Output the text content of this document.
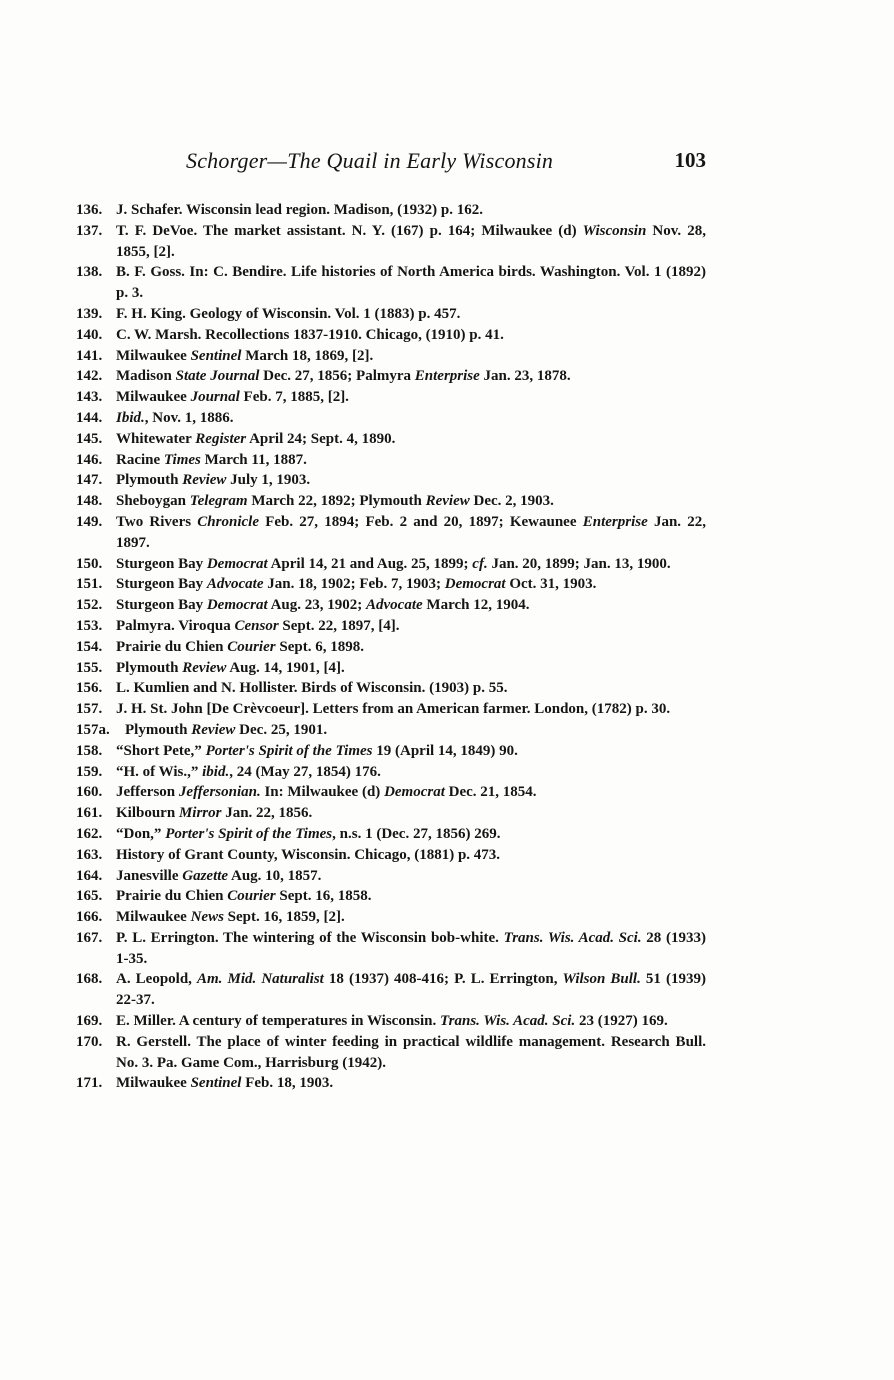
Schorger—The Quail in Early Wisconsin	103
136. J. Schafer. Wisconsin lead region. Madison, (1932) p. 162.
137. T. F. DeVoe. The market assistant. N. Y. (167) p. 164; Milwaukee (d) Wisconsin Nov. 28, 1855, [2].
138. B. F. Goss. In: C. Bendire. Life histories of North America birds. Washington. Vol. 1 (1892) p. 3.
139. F. H. King. Geology of Wisconsin. Vol. 1 (1883) p. 457.
140. C. W. Marsh. Recollections 1837-1910. Chicago, (1910) p. 41.
141. Milwaukee Sentinel March 18, 1869, [2].
142. Madison State Journal Dec. 27, 1856; Palmyra Enterprise Jan. 23, 1878.
143. Milwaukee Journal Feb. 7, 1885, [2].
144. Ibid., Nov. 1, 1886.
145. Whitewater Register April 24; Sept. 4, 1890.
146. Racine Times March 11, 1887.
147. Plymouth Review July 1, 1903.
148. Sheboygan Telegram March 22, 1892; Plymouth Review Dec. 2, 1903.
149. Two Rivers Chronicle Feb. 27, 1894; Feb. 2 and 20, 1897; Kewaunee Enterprise Jan. 22, 1897.
150. Sturgeon Bay Democrat April 14, 21 and Aug. 25, 1899; cf. Jan. 20, 1899; Jan. 13, 1900.
151. Sturgeon Bay Advocate Jan. 18, 1902; Feb. 7, 1903; Democrat Oct. 31, 1903.
152. Sturgeon Bay Democrat Aug. 23, 1902; Advocate March 12, 1904.
153. Palmyra. Viroqua Censor Sept. 22, 1897, [4].
154. Prairie du Chien Courier Sept. 6, 1898.
155. Plymouth Review Aug. 14, 1901, [4].
156. L. Kumlien and N. Hollister. Birds of Wisconsin. (1903) p. 55.
157. J. H. St. John [De Crèvcoeur]. Letters from an American farmer. London, (1782) p. 30.
157a. Plymouth Review Dec. 25, 1901.
158. “Short Pete,” Porter's Spirit of the Times 19 (April 14, 1849) 90.
159. “H. of Wis.,” ibid., 24 (May 27, 1854) 176.
160. Jefferson Jeffersonian. In: Milwaukee (d) Democrat Dec. 21, 1854.
161. Kilbourn Mirror Jan. 22, 1856.
162. “Don,” Porter's Spirit of the Times, n.s. 1 (Dec. 27, 1856) 269.
163. History of Grant County, Wisconsin. Chicago, (1881) p. 473.
164. Janesville Gazette Aug. 10, 1857.
165. Prairie du Chien Courier Sept. 16, 1858.
166. Milwaukee News Sept. 16, 1859, [2].
167. P. L. Errington. The wintering of the Wisconsin bob-white. Trans. Wis. Acad. Sci. 28 (1933) 1-35.
168. A. Leopold, Am. Mid. Naturalist 18 (1937) 408-416; P. L. Errington, Wilson Bull. 51 (1939) 22-37.
169. E. Miller. A century of temperatures in Wisconsin. Trans. Wis. Acad. Sci. 23 (1927) 169.
170. R. Gerstell. The place of winter feeding in practical wildlife management. Research Bull. No. 3. Pa. Game Com., Harrisburg (1942).
171. Milwaukee Sentinel Feb. 18, 1903.
